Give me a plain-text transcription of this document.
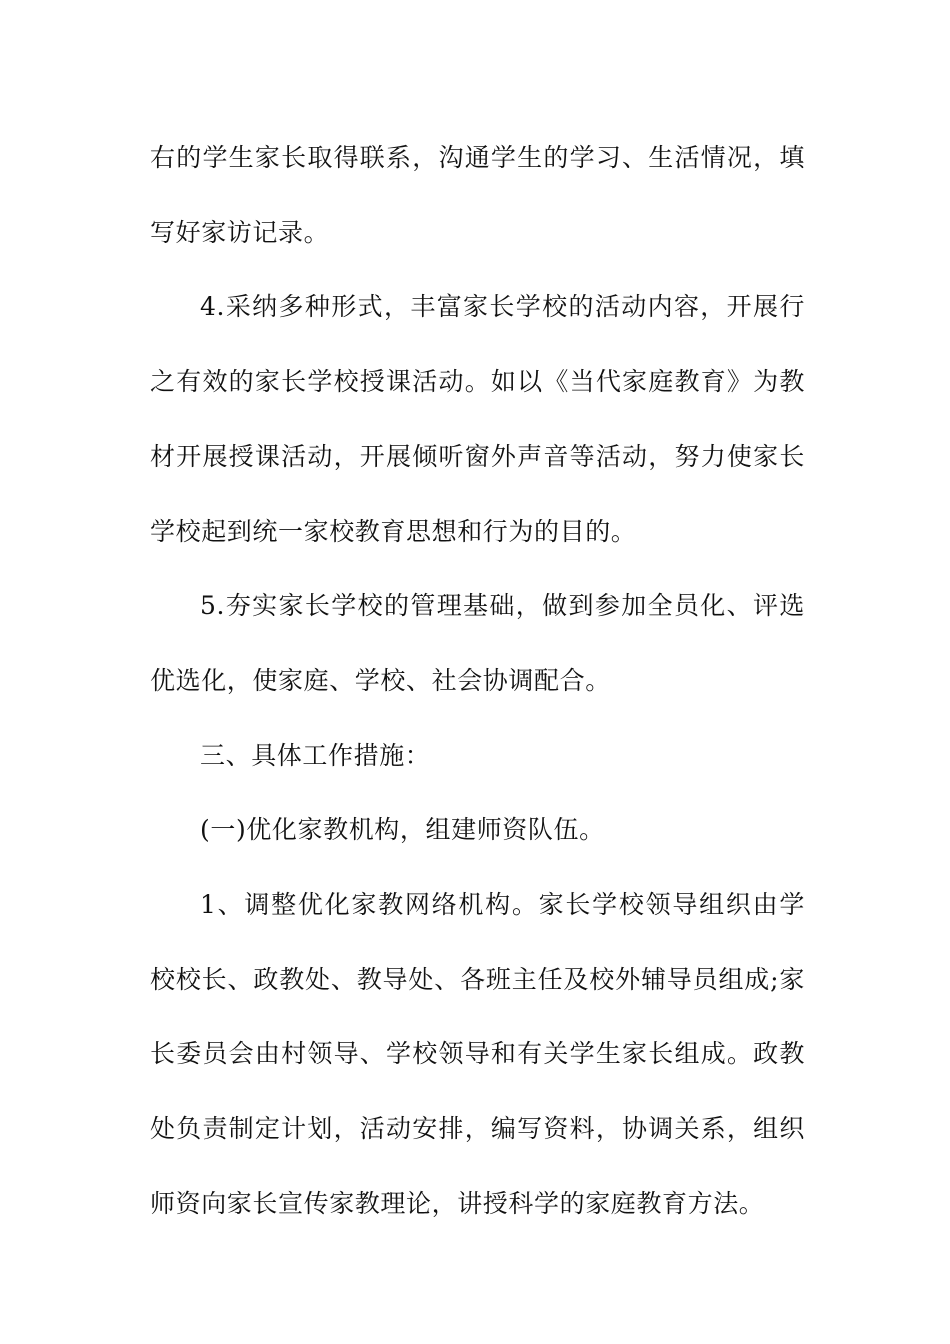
右的学生家长取得联系，沟通学生的学习、生活情况，填写好家访记录。

4.采纳多种形式，丰富家长学校的活动内容，开展行之有效的家长学校授课活动。如以《当代家庭教育》为教材开展授课活动，开展倾听窗外声音等活动，努力使家长学校起到统一家校教育思想和行为的目的。

5.夯实家长学校的管理基础，做到参加全员化、评选优选化，使家庭、学校、社会协调配合。

三、具体工作措施：

(一)优化家教机构，组建师资队伍。

1、调整优化家教网络机构。家长学校领导组织由学校校长、政教处、教导处、各班主任及校外辅导员组成;家长委员会由村领导、学校领导和有关学生家长组成。政教处负责制定计划，活动安排，编写资料，协调关系，组织师资向家长宣传家教理论，讲授科学的家庭教育方法。
